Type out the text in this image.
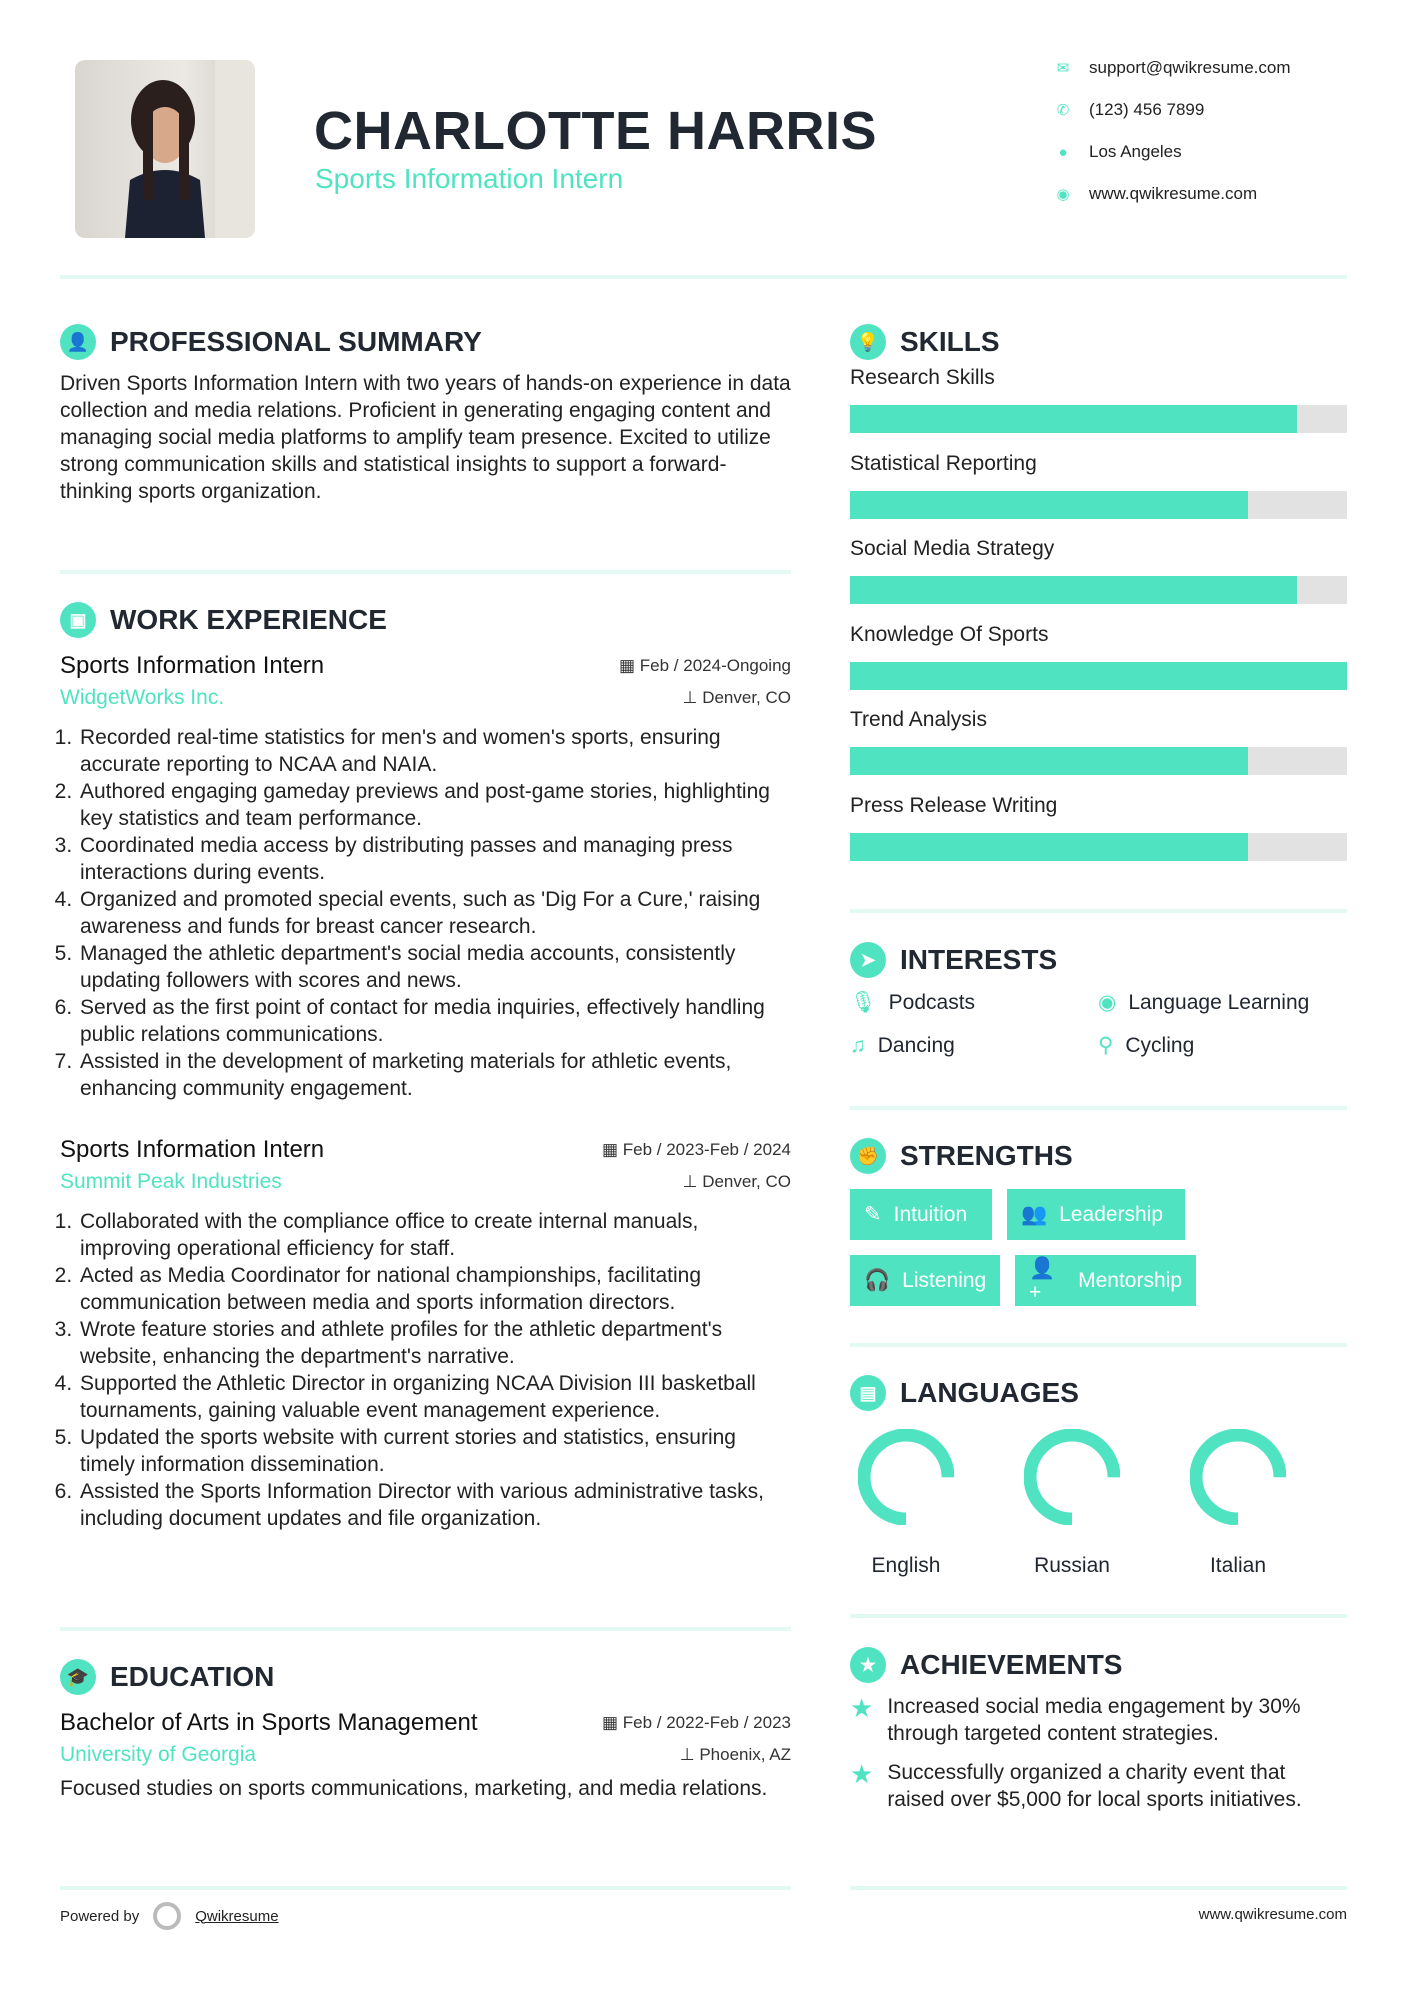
CHARLOTTE HARRIS
Sports Information Intern
✉ support@qwikresume.com
✆ (123) 456 7899
● Los Angeles
◉ www.qwikresume.com
👤 PROFESSIONAL SUMMARY

Driven Sports Information Intern with two years of hands-on experience in data collection and media relations. Proficient in generating engaging content and managing social media platforms to amplify team presence. Excited to utilize strong communication skills and statistical insights to support a forward-thinking sports organization.

▣ WORK EXPERIENCE
Sports Information Intern	▦ Feb / 2024-Ongoing
WidgetWorks Inc.	⊥ Denver, CO
1. Recorded real-time statistics for men's and women's sports, ensuring accurate reporting to NCAA and NAIA.
2. Authored engaging gameday previews and post-game stories, highlighting key statistics and team performance.
3. Coordinated media access by distributing passes and managing press interactions during events.
4. Organized and promoted special events, such as 'Dig For a Cure,' raising awareness and funds for breast cancer research.
5. Managed the athletic department's social media accounts, consistently updating followers with scores and news.
6. Served as the first point of contact for media inquiries, effectively handling public relations communications.
7. Assisted in the development of marketing materials for athletic events, enhancing community engagement.
Sports Information Intern	▦ Feb / 2023-Feb / 2024
Summit Peak Industries	⊥ Denver, CO
1. Collaborated with the compliance office to create internal manuals, improving operational efficiency for staff.
2. Acted as Media Coordinator for national championships, facilitating communication between media and sports information directors.
3. Wrote feature stories and athlete profiles for the athletic department's website, enhancing the department's narrative.
4. Supported the Athletic Director in organizing NCAA Division III basketball tournaments, gaining valuable event management experience.
5. Updated the sports website with current stories and statistics, ensuring timely information dissemination.
6. Assisted the Sports Information Director with various administrative tasks, including document updates and file organization.
🎓 EDUCATION
Bachelor of Arts in Sports Management	▦ Feb / 2022-Feb / 2023
University of Georgia	⊥ Phoenix, AZ

Focused studies on sports communications, marketing, and media relations.

Powered by	Qwikresume
💡 SKILLS
Research Skills
Statistical Reporting
Social Media Strategy
Knowledge Of Sports
Trend Analysis
Press Release Writing
➤ INTERESTS
🎙 Podcasts	◉ Language Learning
♫ Dancing	⚲ Cycling
✊ STRENGTHS
✎ Intuition	👥 Leadership
🎧 Listening
👤+
Mentorship
▤ LANGUAGES
English	Russian	Italian
★ ACHIEVEMENTS
★ Increased social media engagement by 30% through targeted content strategies.
★ Successfully organized a charity event that raised over $5,000 for local sports initiatives.
www.qwikresume.com
